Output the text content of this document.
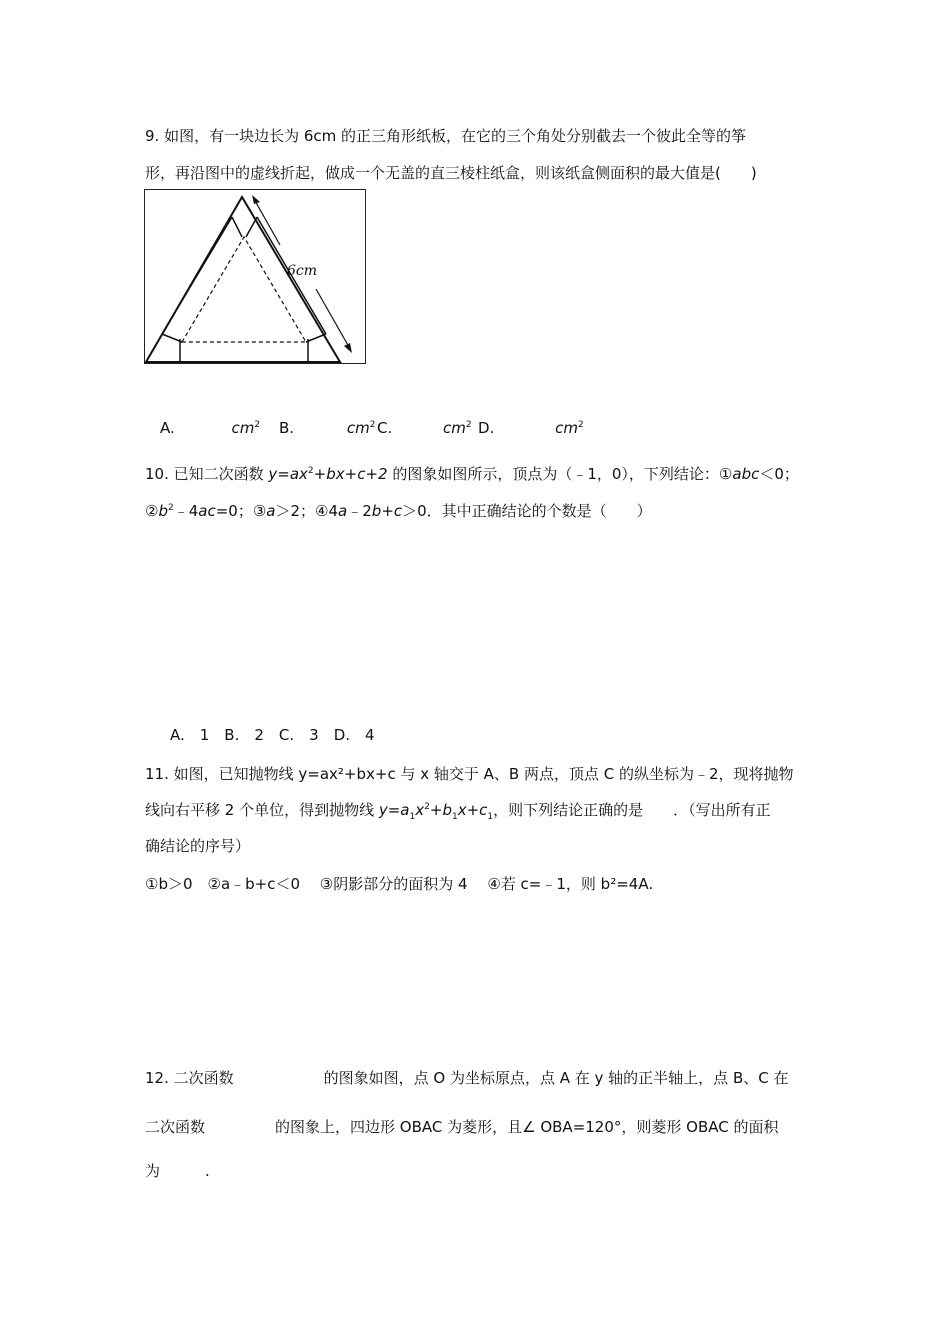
9. 如图，有一块边长为 6cm 的正三角形纸板，在它的三个角处分别截去一个彼此全等的筝
形，再沿图中的虚线折起，做成一个无盖的直三棱柱纸盒，则该纸盒侧面积的最大值是(　　)
6cm
A.	$cm^2$ B.	$cm^2$ C.	$cm^2$ D.	$cm^2$
10. 已知二次函数 $y=ax^2+bx+c+2$ 的图象如图所示，顶点为（﹣1，0），下列结论：①abc＜0；
$②b^2﹣4ac=0$；③a＞2；④4a﹣2b+c＞0．其中正确结论的个数是（　　）
A.　1　B.　2　C.　3　D.　4
11. 如图，已知抛物线 y=ax²+bx+c 与 x 轴交于 A、B 两点，顶点 C 的纵坐标为﹣2，现将抛物
线向右平移 2 个单位，得到抛物线 $y=a_1x^2+b_1x+c_1$，则下列结论正确的是　　．（写出所有正
确结论的序号）
①b＞0　②a﹣b+c＜0　 ③阴影部分的面积为 4　 ④若 c=﹣1，则 b²=4A.
12. 二次函数	的图象如图，点 O 为坐标原点，点 A 在 y 轴的正半轴上，点 B、C 在
二次函数	的图象上，四边形 OBAC 为菱形，且∠ OBA=120°，则菱形 OBAC 的面积
为　　　.
